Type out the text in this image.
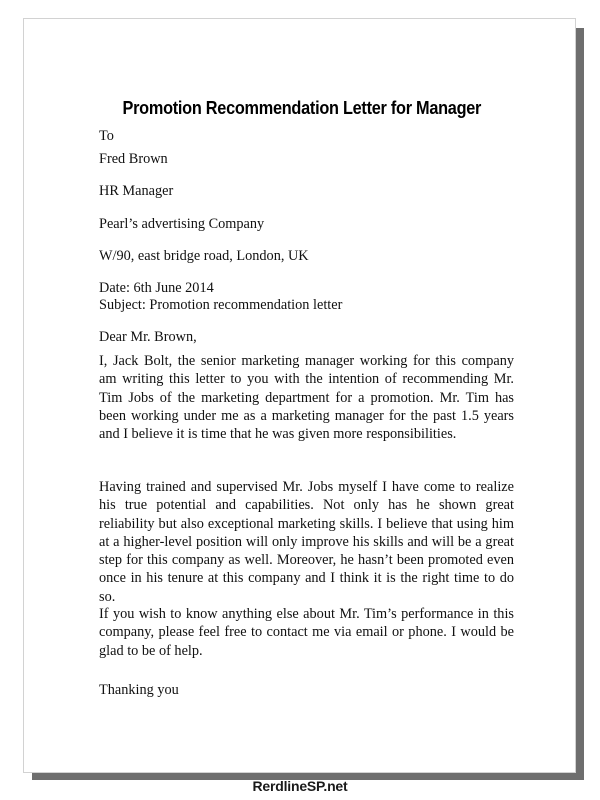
Promotion Recommendation Letter for Manager
To
Fred Brown
HR Manager
Pearl’s advertising Company
W/90, east bridge road, London, UK
Date: 6th June 2014
Subject: Promotion recommendation letter
Dear Mr. Brown,
I, Jack Bolt, the senior marketing manager working for this company am writing this letter to you with the intention of recommending Mr. Tim Jobs of the marketing department for a promotion. Mr. Tim has been working under me as a marketing manager for the past 1.5 years and I believe it is time that he was given more responsibilities.
Having trained and supervised Mr. Jobs myself I have come to realize his true potential and capabilities. Not only has he shown great reliability but also exceptional marketing skills. I believe that using him at a higher-level position will only improve his skills and will be a great step for this company as well. Moreover, he hasn’t been promoted even once in his tenure at this company and I think it is the right time to do so.
If you wish to know anything else about Mr. Tim’s performance in this company, please feel free to contact me via email or phone. I would be glad to be of help.
Thanking you
RerdlineSP.net
